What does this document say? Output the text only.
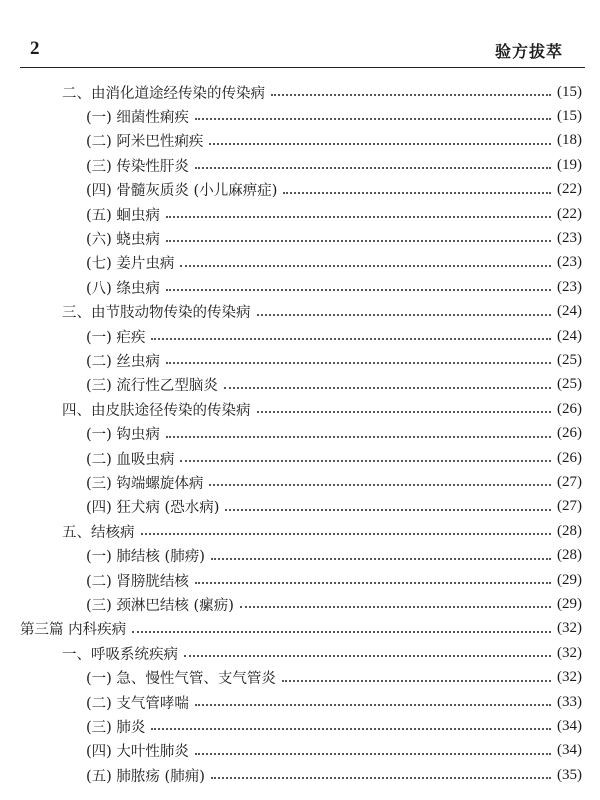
2	验方拔萃
二、由消化道途经传染的传染病	(15)
(一) 细菌性痢疾	(15)
(二) 阿米巴性痢疾	(18)
(三) 传染性肝炎	(19)
(四) 骨髓灰质炎 (小儿麻痹症)	(22)
(五) 蛔虫病	(22)
(六) 蛲虫病	(23)
(七) 姜片虫病	(23)
(八) 绦虫病	(23)
三、由节肢动物传染的传染病	(24)
(一) 疟疾	(24)
(二) 丝虫病	(25)
(三) 流行性乙型脑炎	(25)
四、由皮肤途径传染的传染病	(26)
(一) 钩虫病	(26)
(二) 血吸虫病	(26)
(三) 钩端螺旋体病	(27)
(四) 狂犬病 (恐水病)	(27)
五、结核病	(28)
(一) 肺结核 (肺痨)	(28)
(二) 肾膀胱结核	(29)
(三) 颈淋巴结核 (瘰疬)	(29)
第三篇 内科疾病	(32)
一、呼吸系统疾病	(32)
(一) 急、慢性气管、支气管炎	(32)
(二) 支气管哮喘	(33)
(三) 肺炎	(34)
(四) 大叶性肺炎	(34)
(五) 肺脓疡 (肺痈)	(35)
